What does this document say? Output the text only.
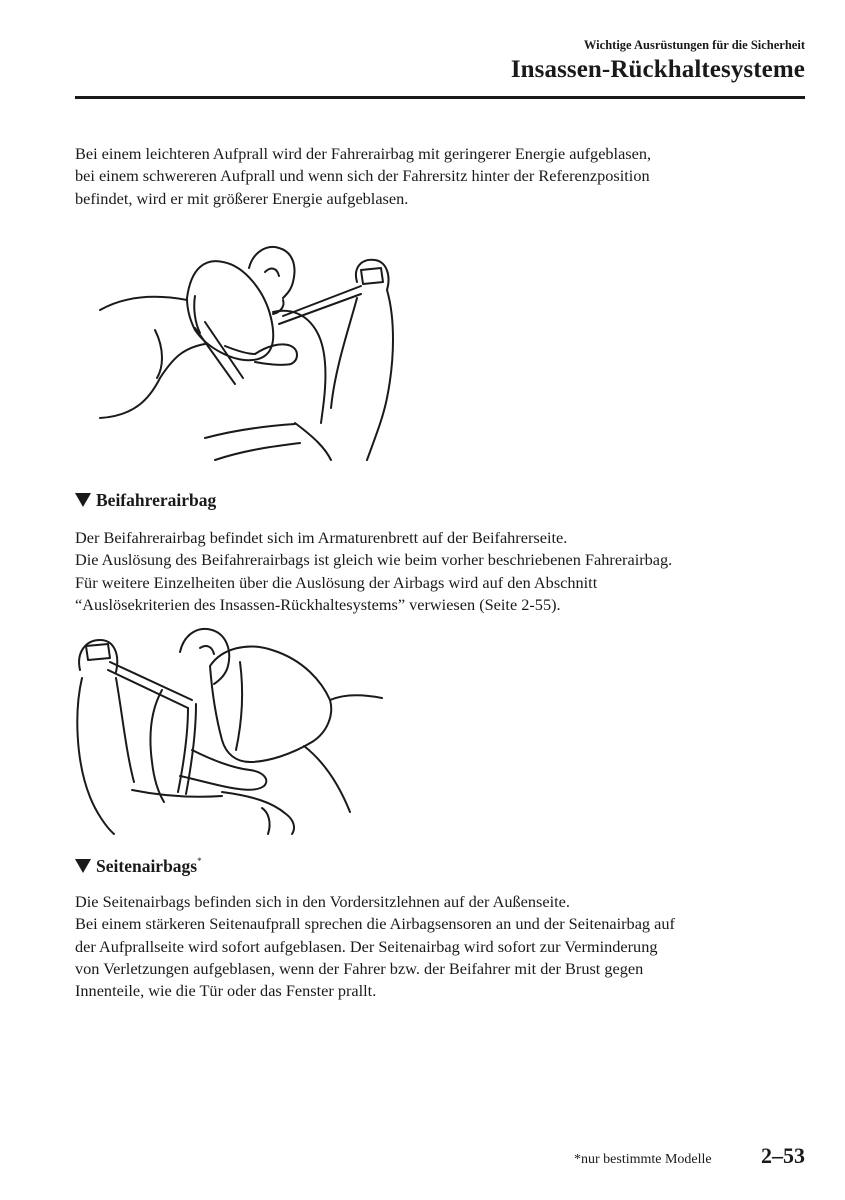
Wichtige Ausrüstungen für die Sicherheit
Insassen-Rückhaltesysteme

Bei einem leichteren Aufprall wird der Fahrerairbag mit geringerer Energie aufgeblasen,
bei einem schwereren Aufprall und wenn sich der Fahrersitz hinter der Referenzposition
befindet, wird er mit größerer Energie aufgeblasen.

Beifahrerairbag

Der Beifahrerairbag befindet sich im Armaturenbrett auf der Beifahrerseite.
Die Auslösung des Beifahrerairbags ist gleich wie beim vorher beschriebenen Fahrerairbag.
Für weitere Einzelheiten über die Auslösung der Airbags wird auf den Abschnitt
“Auslösekriterien des Insassen-Rückhaltesystems” verwiesen (Seite 2-55).

Seitenairbags*

Die Seitenairbags befinden sich in den Vordersitzlehnen auf der Außenseite.
Bei einem stärkeren Seitenaufprall sprechen die Airbagsensoren an und der Seitenairbag auf
der Aufprallseite wird sofort aufgeblasen. Der Seitenairbag wird sofort zur Verminderung
von Verletzungen aufgeblasen, wenn der Fahrer bzw. der Beifahrer mit der Brust gegen
Innenteile, wie die Tür oder das Fenster prallt.

*nur bestimmte Modelle 2–53
